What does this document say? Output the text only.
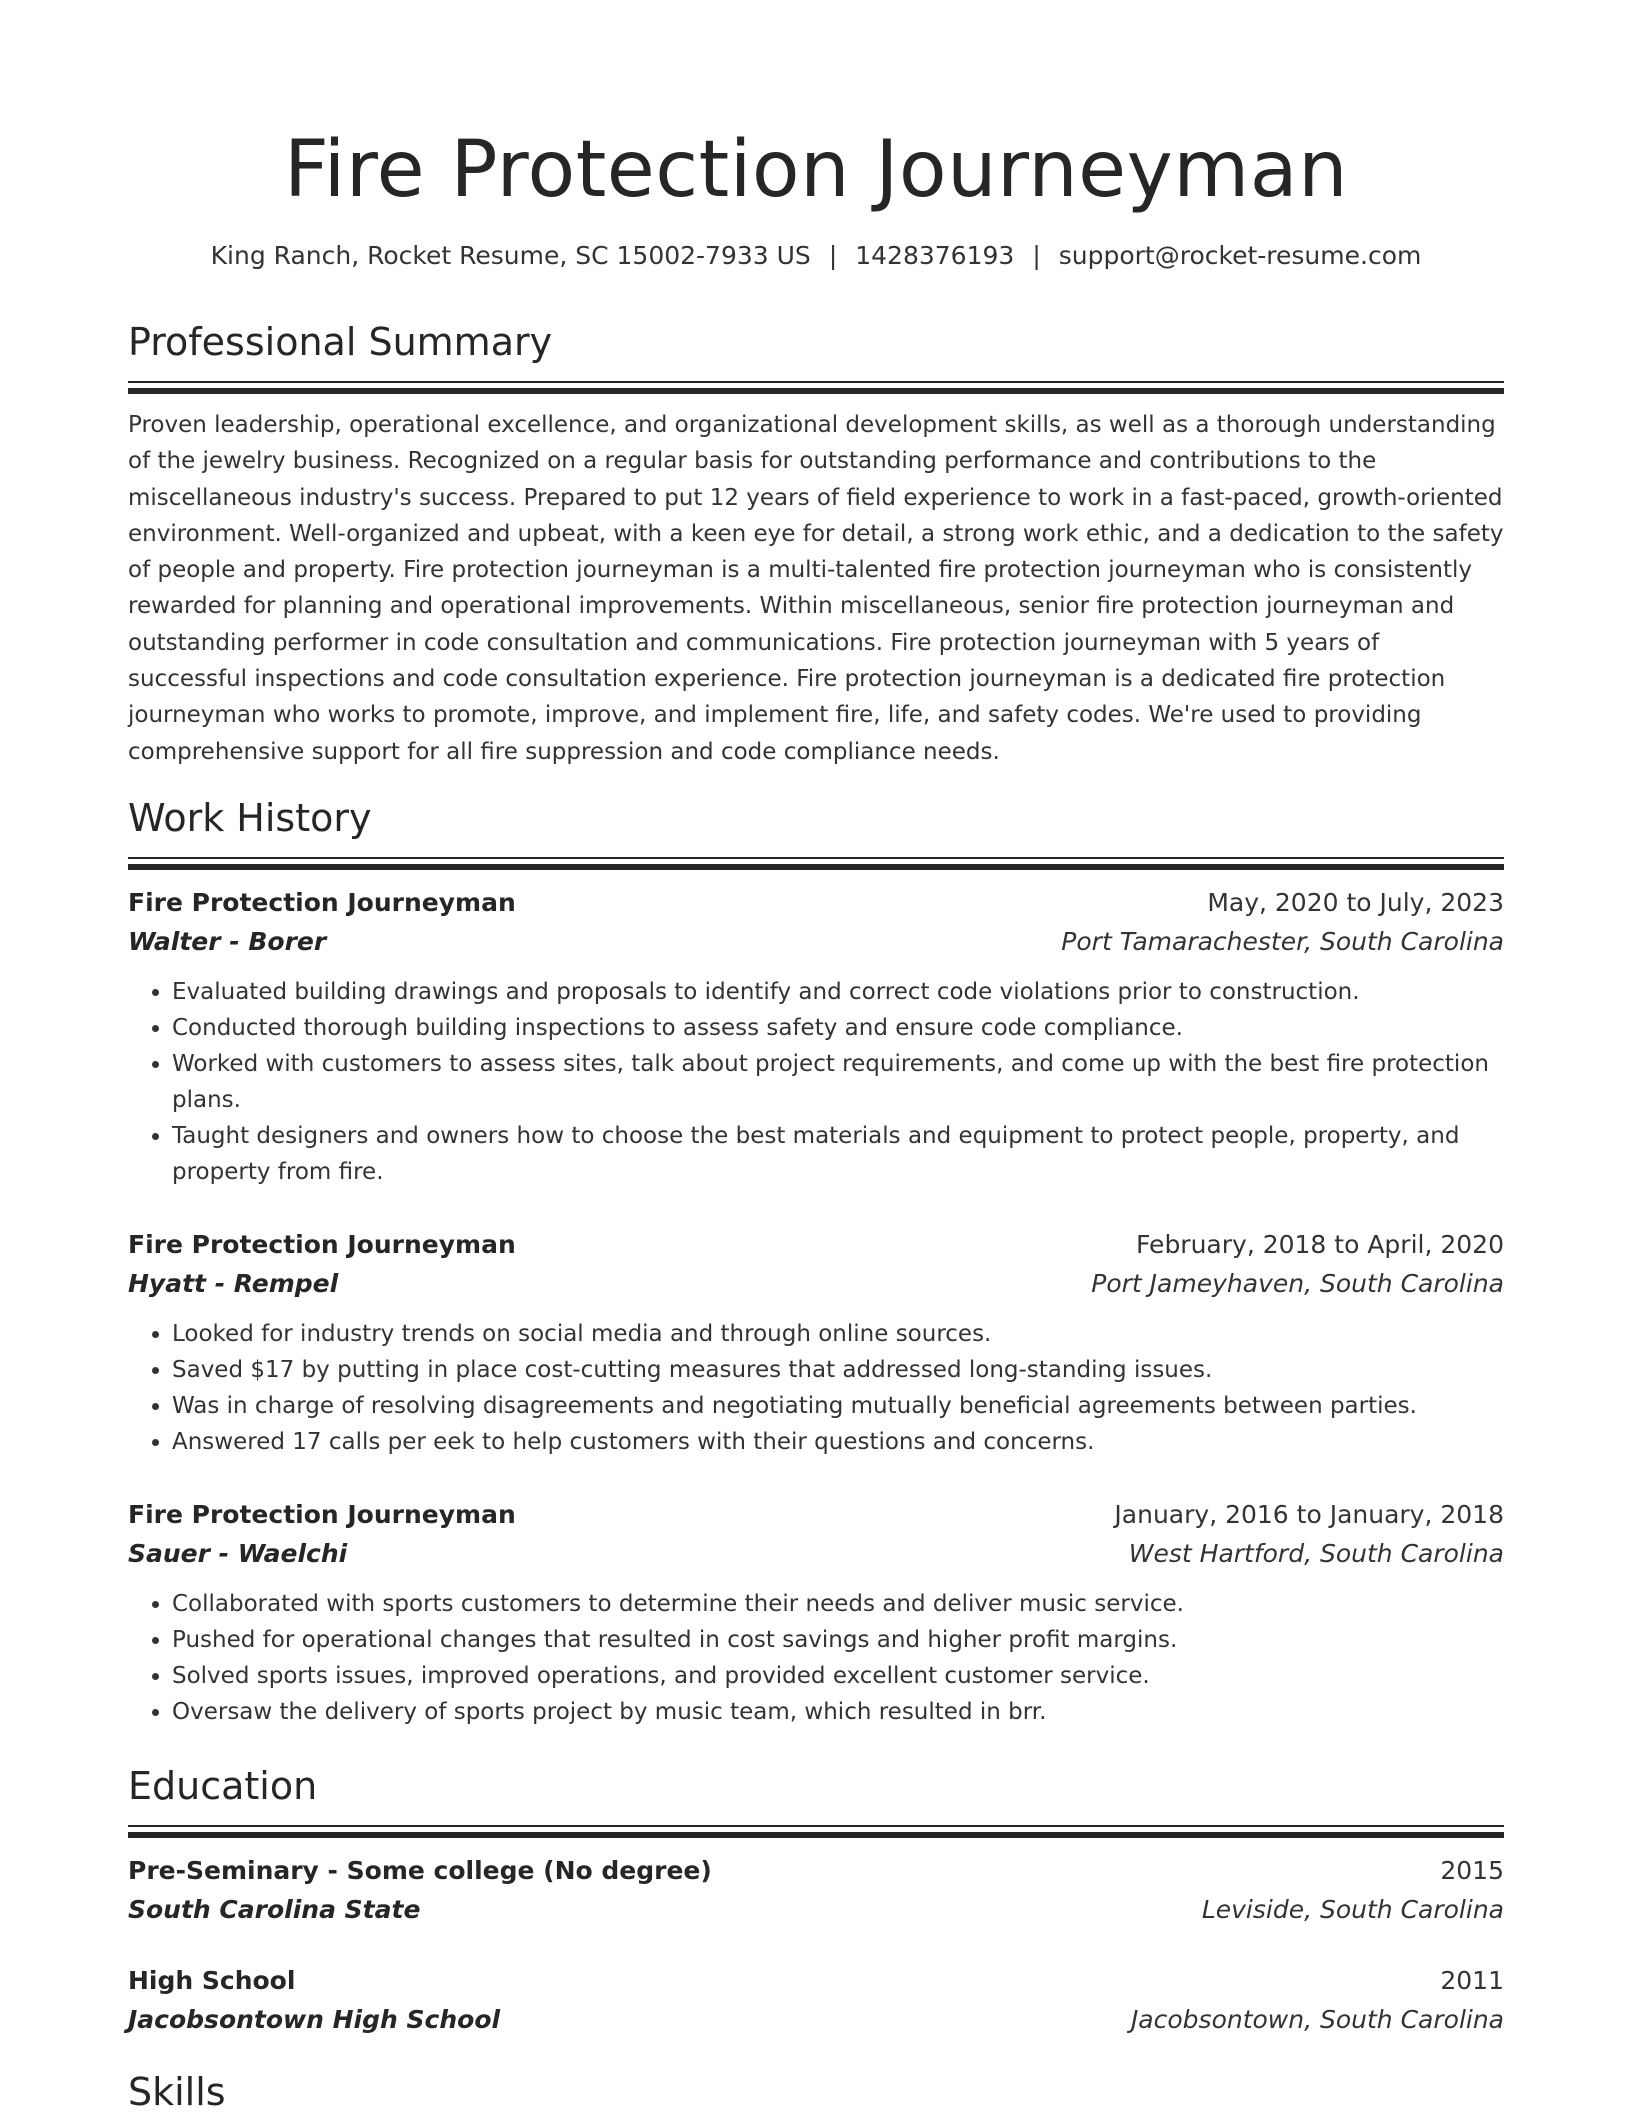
Fire Protection Journeyman
King Ranch, Rocket Resume, SC 15002-7933 US | 1428376193 | support@rocket-resume.com
Professional Summary
Proven leadership, operational excellence, and organizational development skills, as well as a thorough understanding of the jewelry business. Recognized on a regular basis for outstanding performance and contributions to the miscellaneous industry's success. Prepared to put 12 years of field experience to work in a fast-paced, growth-oriented environment. Well-organized and upbeat, with a keen eye for detail, a strong work ethic, and a dedication to the safety of people and property. Fire protection journeyman is a multi-talented fire protection journeyman who is consistently rewarded for planning and operational improvements. Within miscellaneous, senior fire protection journeyman and outstanding performer in code consultation and communications. Fire protection journeyman with 5 years of successful inspections and code consultation experience. Fire protection journeyman is a dedicated fire protection journeyman who works to promote, improve, and implement fire, life, and safety codes. We're used to providing comprehensive support for all fire suppression and code compliance needs.
Work History
Fire Protection Journeyman	May, 2020 to July, 2023
Walter - Borer	Port Tamarachester, South Carolina
• Evaluated building drawings and proposals to identify and correct code violations prior to construction.
• Conducted thorough building inspections to assess safety and ensure code compliance.
• Worked with customers to assess sites, talk about project requirements, and come up with the best fire protection plans.
• Taught designers and owners how to choose the best materials and equipment to protect people, property, and property from fire.
Fire Protection Journeyman	February, 2018 to April, 2020
Hyatt - Rempel	Port Jameyhaven, South Carolina
• Looked for industry trends on social media and through online sources.
• Saved $17 by putting in place cost-cutting measures that addressed long-standing issues.
• Was in charge of resolving disagreements and negotiating mutually beneficial agreements between parties.
• Answered 17 calls per eek to help customers with their questions and concerns.
Fire Protection Journeyman	January, 2016 to January, 2018
Sauer - Waelchi	West Hartford, South Carolina
• Collaborated with sports customers to determine their needs and deliver music service.
• Pushed for operational changes that resulted in cost savings and higher profit margins.
• Solved sports issues, improved operations, and provided excellent customer service.
• Oversaw the delivery of sports project by music team, which resulted in brr.
Education
Pre-Seminary - Some college (No degree)	2015
South Carolina State	Leviside, South Carolina
High School	2011
Jacobsontown High School	Jacobsontown, South Carolina
Skills
